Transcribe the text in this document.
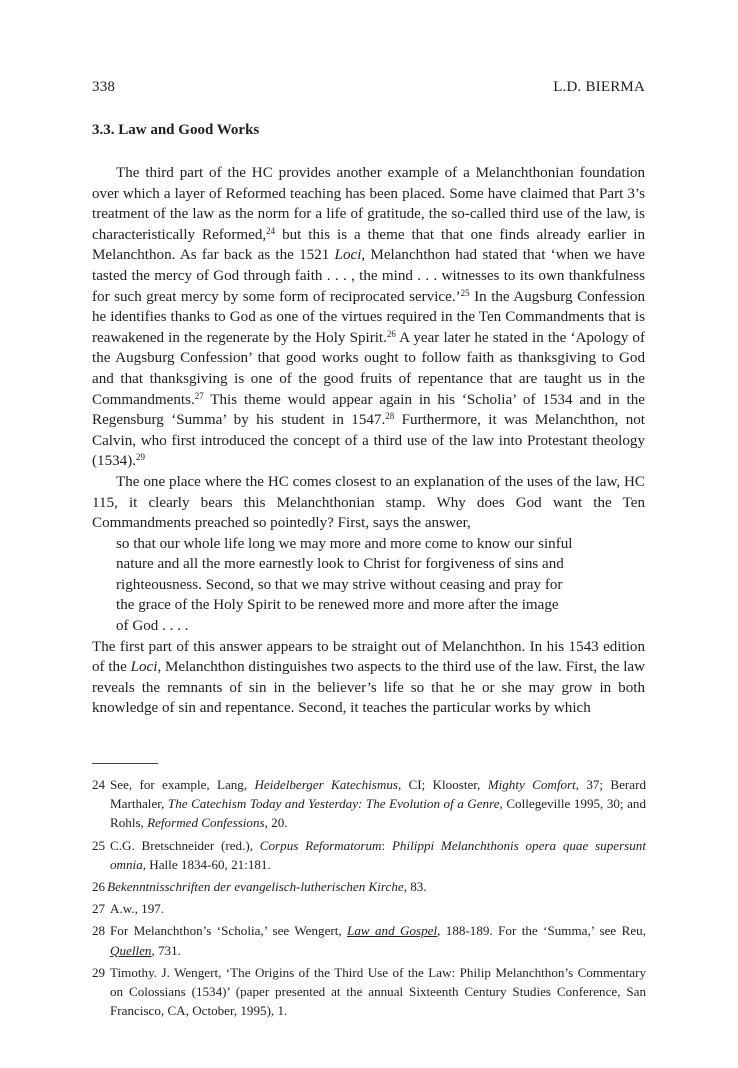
338	L.D. BIERMA
3.3. Law and Good Works

The third part of the HC provides another example of a Melanchthonian foundation over which a layer of Reformed teaching has been placed. Some have claimed that Part 3’s treatment of the law as the norm for a life of gratitude, the so-called third use of the law, is characteristically Reformed,$^{24}$ but this is a theme that that one finds already earlier in Melanchthon. As far back as the 1521 Loci, Melanchthon had stated that ‘when we have tasted the mercy of God through faith . . . , the mind . . . witnesses to its own thankfulness for such great mercy by some form of reciprocated service.’$^{25}$ In the Augsburg Confession he identifies thanks to God as one of the virtues required in the Ten Commandments that is reawakened in the regenerate by the Holy Spirit.$^{26}$ A year later he stated in the ‘Apology of the Augsburg Confession’ that good works ought to follow faith as thanksgiving to God and that thanksgiving is one of the good fruits of repentance that are taught us in the Commandments.$^{27}$ This theme would appear again in his ‘Scholia’ of 1534 and in the Regensburg ‘Summa’ by his student in 1547.28 Furthermore, it was Melanchthon, not Calvin, who first introduced the concept of a third use of the law into Protestant theology (1534).$^{29}$

The one place where the HC comes closest to an explanation of the uses of the law, HC 115, it clearly bears this Melanchthonian stamp. Why does God want the Ten Commandments preached so pointedly? First, says the answer,

so that our whole life long we may more and more come to know our sinful
nature and all the more earnestly look to Christ for forgiveness of sins and
righteousness. Second, so that we may strive without ceasing and pray for
the grace of the Holy Spirit to be renewed more and more after the image
of God . . . .

The first part of this answer appears to be straight out of Melanchthon. In his 1543 edition of the Loci, Melanchthon distinguishes two aspects to the third use of the law. First, the law reveals the remnants of sin in the believer’s life so that he or she may grow in both knowledge of sin and repentance. Second, it teaches the particular works by which

24 See, for example, Lang, Heidelberger Katechismus, CI; Klooster, Mighty Comfort, 37; Berard Marthaler, The Catechism Today and Yesterday: The Evolution of a Genre, Collegeville 1995, 30; and Rohls, Reformed Confessions, 20.
25 C.G. Bretschneider (red.), Corpus Reformatorum: Philippi Melanchthonis opera quae supersunt omnia, Halle 1834-60, 21:181.
26 Bekenntnisschriften der evangelisch-lutherischen Kirche, 83.
27 A.w., 197.
28 For Melanchthon’s ‘Scholia,’ see Wengert, Law and Gospel, 188-189. For the ‘Summa,’ see Reu, Quellen, 731.
29 Timothy. J. Wengert, ‘The Origins of the Third Use of the Law: Philip Melanchthon’s Commentary on Colossians (1534)’ (paper presented at the annual Sixteenth Century Studies Conference, San Francisco, CA, October, 1995), 1.
